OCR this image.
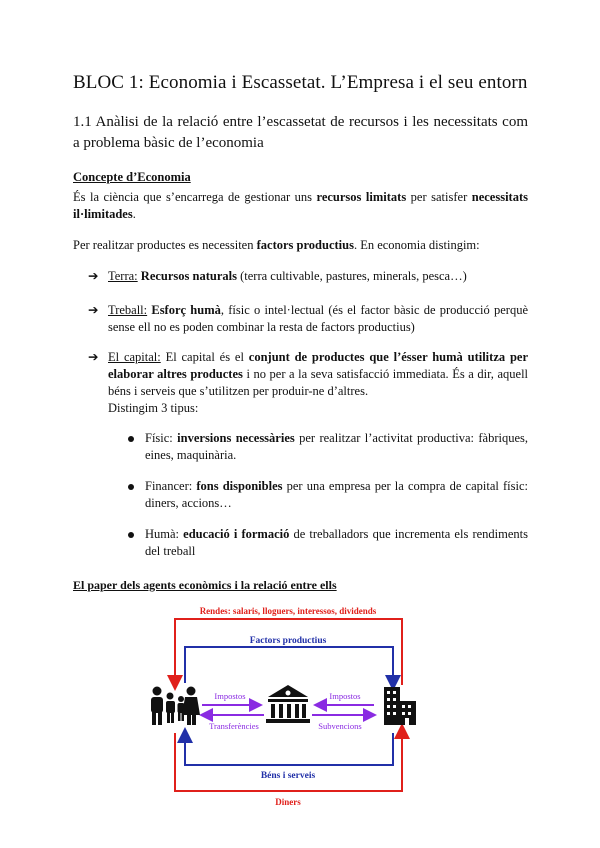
BLOC 1: Economia i Escassetat. L’Empresa i el seu entorn

1.1 Anàlisi de la relació entre l’escassetat de recursos i les necessitats com a problema bàsic de l’economia

Concepte d’Economia

És la ciència que s’encarrega de gestionar uns recursos limitats per satisfer necessitats il·limitades.

Per realitzar productes es necessiten factors productius. En economia distingim:

➔ Terra: Recursos naturals (terra cultivable, pastures, minerals, pesca…)

➔ Treball: Esforç humà, físic o intel·lectual (és el factor bàsic de producció perquè sense ell no es poden combinar la resta de factors productius)

➔ El capital: El capital és el conjunt de productes que l’ésser humà utilitza per elaborar altres productes i no per a la seva satisfacció immediata. És a dir, aquell béns i serveis que s’utilitzen per produir-ne d’altres.
Distingim 3 tipus:

Físic: inversions necessàries per realitzar l’activitat productiva: fàbriques, eines, maquinària.

Financer: fons disponibles per una empresa per la compra de capital físic: diners, accions…

Humà: educació i formació de treballadors que incrementa els rendiments del treball

El paper dels agents econòmics i la relació entre ells

Rendes: salaris, lloguers, interessos, dividends
Factors productius
Impostos
Transferències
Impostos
Subvencions
Béns i serveis
Diners
